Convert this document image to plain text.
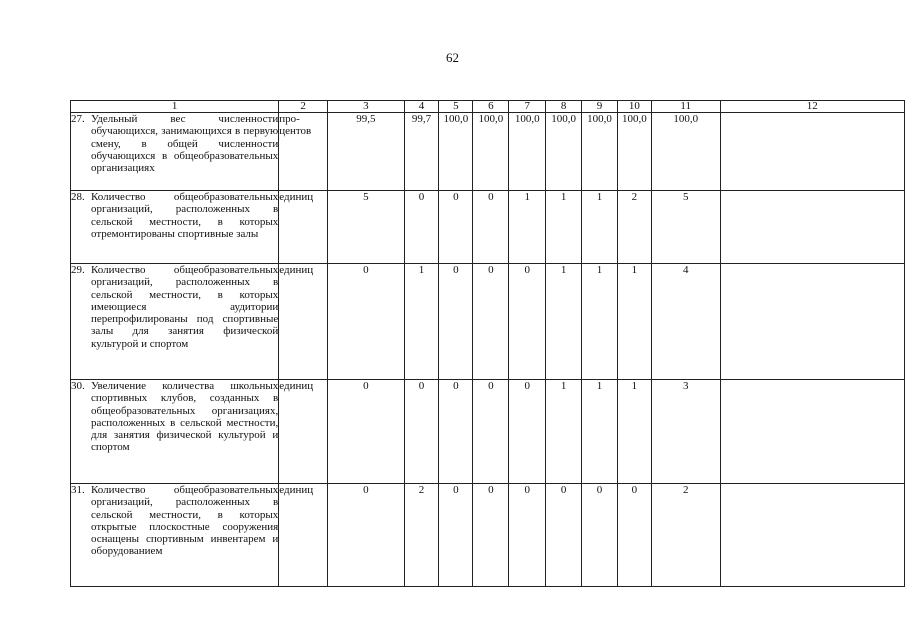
62
1	2	3	4	5	6	7	8	9	10	11	12

27. Удельный вес численности обучающихся, занимающихся в первую смену, в общей численности обучающихся в общеобразовательных организациях	про-
центов	99,5	99,7	100,0	100,0	100,0	100,0	100,0	100,0	100,0	

28. Количество общеобразовательных организаций, расположенных в сельской местности, в которых отремонтированы спортивные залы	единиц	5	0	0	0	1	1	1	2	5	

29. Количество общеобразовательных организаций, расположенных в сельской местности, в которых имеющиеся аудитории перепрофилированы под спортивные залы для занятия физической культурой и спортом	единиц	0	1	0	0	0	1	1	1	4	

30. Увеличение количества школьных спортивных клубов, созданных в общеобразовательных организациях, расположенных в сельской местности, для занятия физической культурой и спортом	единиц	0	0	0	0	0	1	1	1	3	

31. Количество общеобразовательных организаций, расположенных в сельской местности, в которых открытые плоскостные сооружения оснащены спортивным инвентарем и оборудованием	единиц	0	2	0	0	0	0	0	0	2	
